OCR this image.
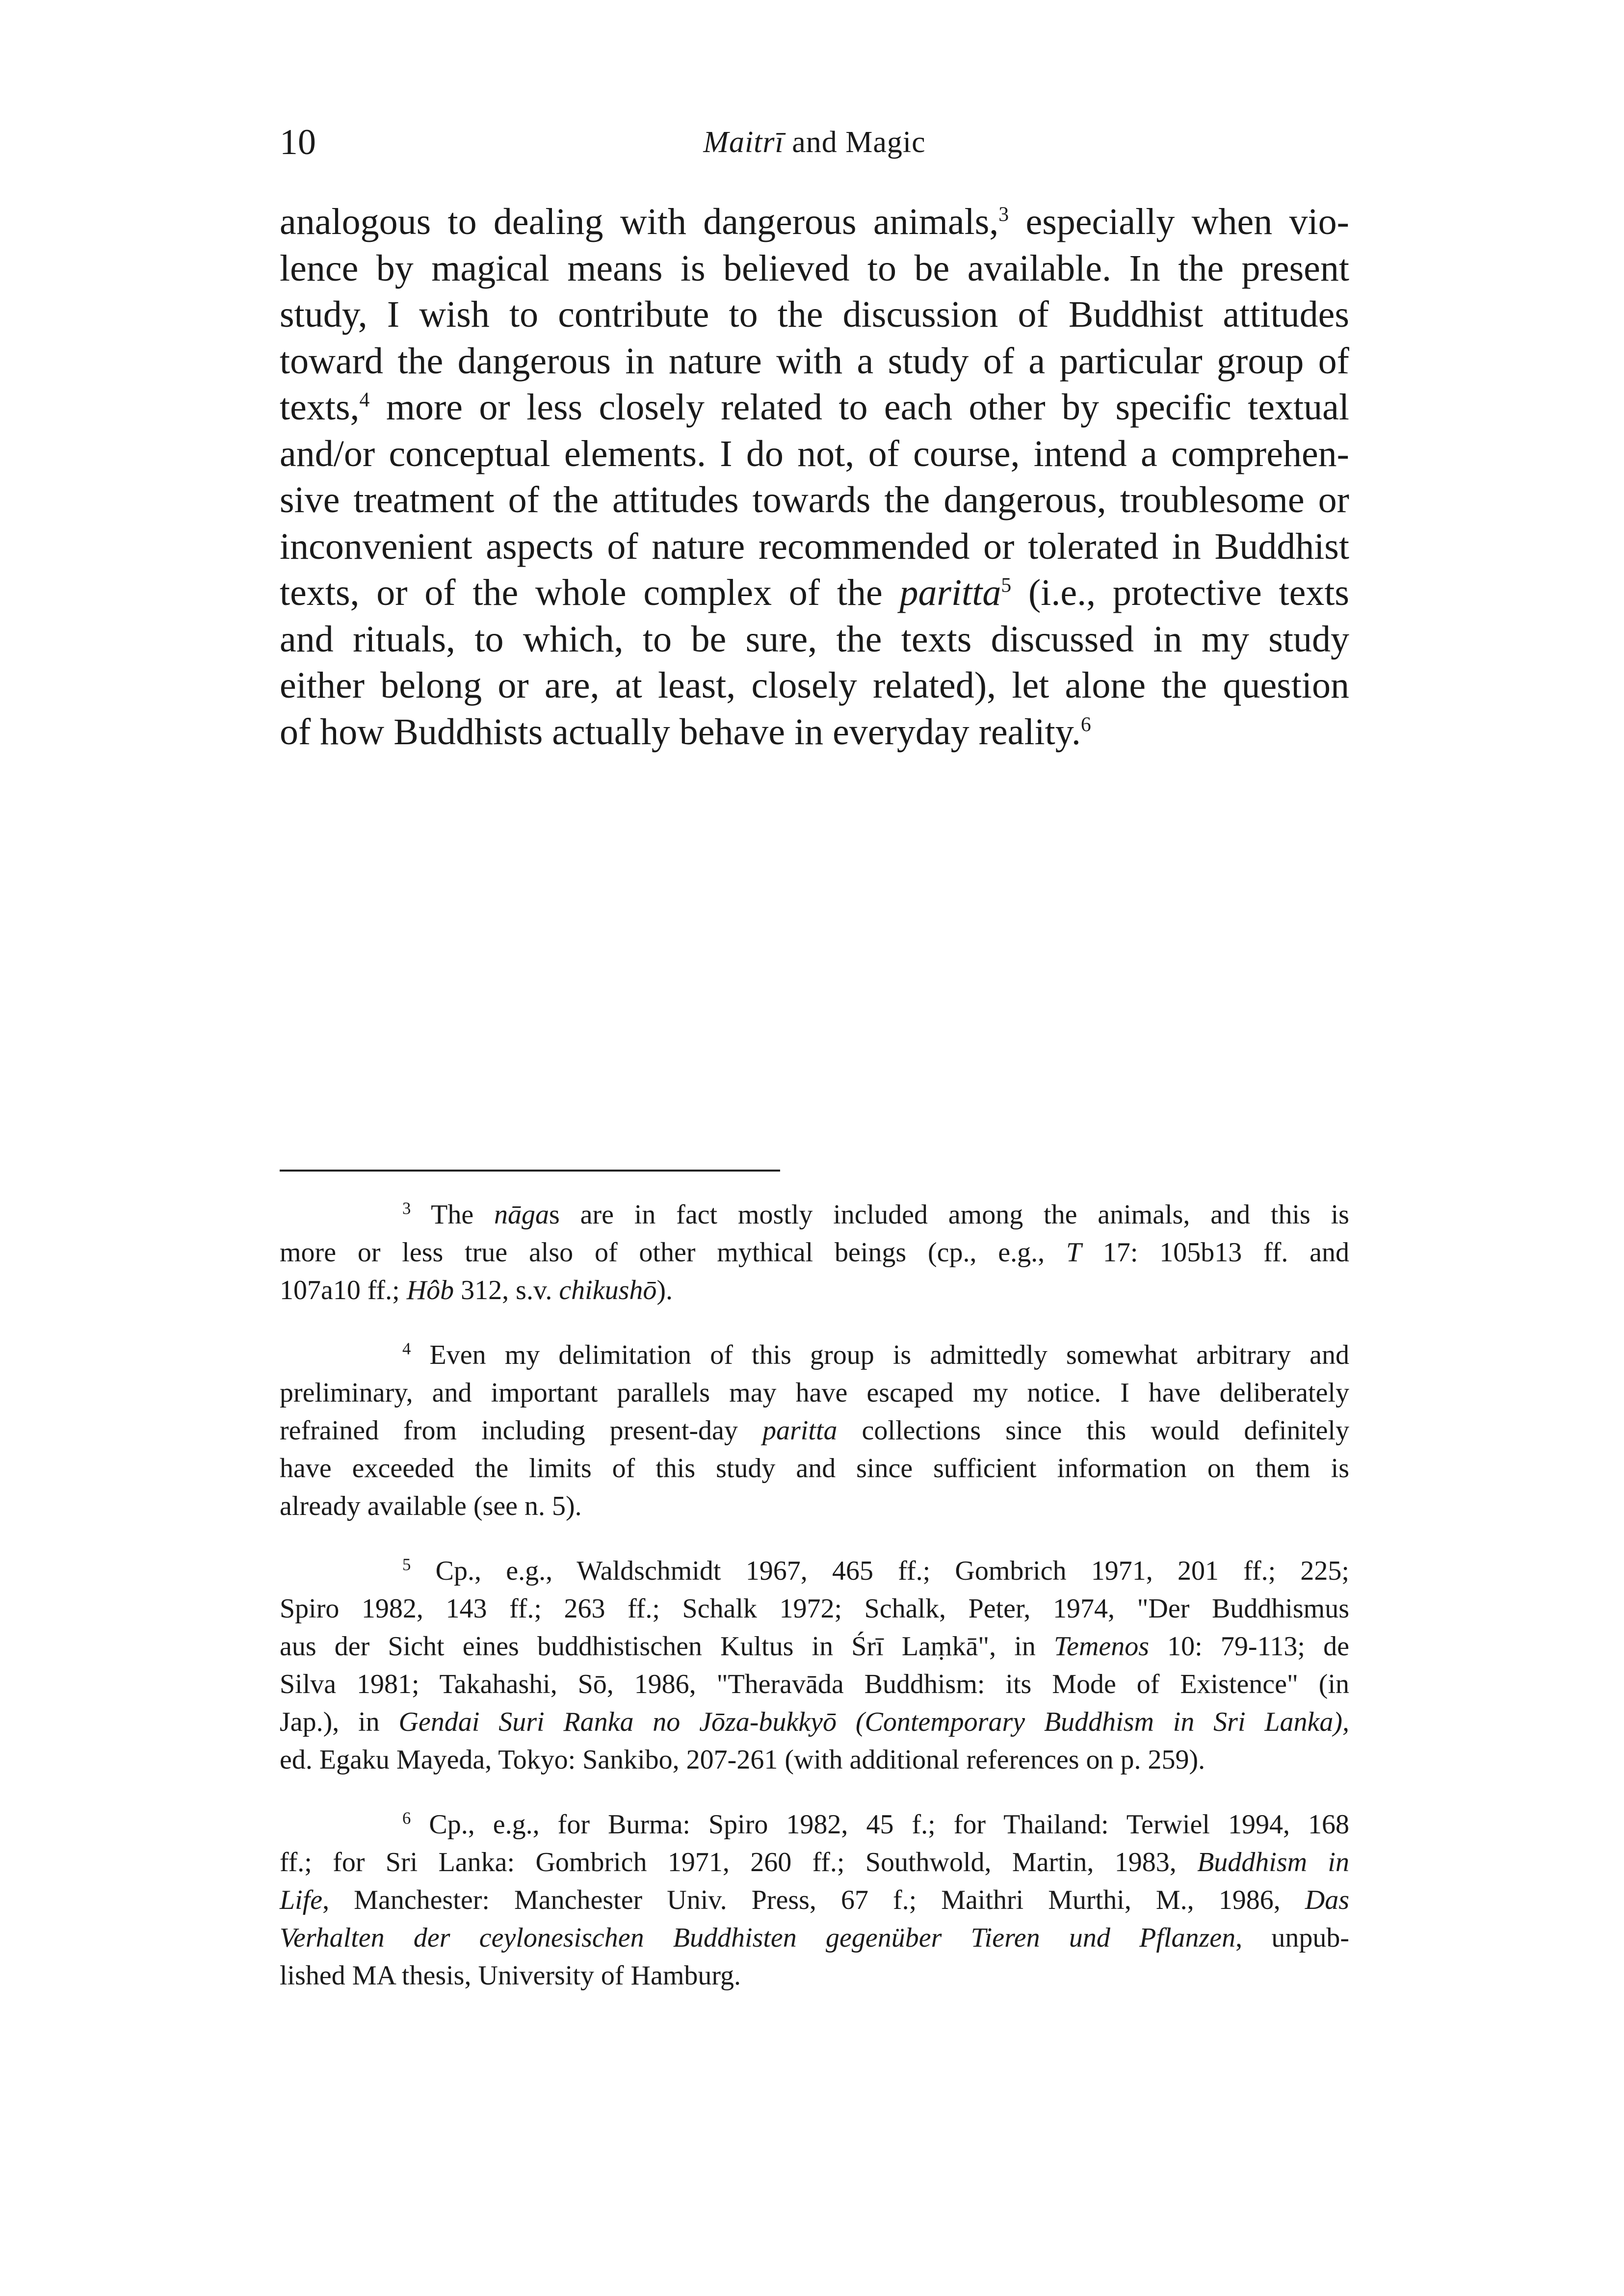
10	Maitrī and Magic
analogous to dealing with dangerous animals,$^3$ especially when vio-
lence by magical means is believed to be available. In the present
study, I wish to contribute to the discussion of Buddhist attitudes
toward the dangerous in nature with a study of a particular group of
texts,$^4$ more or less closely related to each other by specific textual
and/or conceptual elements. I do not, of course, intend a comprehen-
sive treatment of the attitudes towards the dangerous, troublesome or
inconvenient aspects of nature recommended or tolerated in Buddhist
texts, or of the whole complex of the paritta$^5$ (i.e., protective texts
and rituals, to which, to be sure, the texts discussed in my study
either belong or are, at least, closely related), let alone the question
of how Buddhists actually behave in everyday reality.$^6$
$^3$ The nāgas are in fact mostly included among the animals, and this is
more or less true also of other mythical beings (cp., e.g., T 17: 105b13 ff. and
107a10 ff.; Hôb 312, s.v. chikushō).
$^4$ Even my delimitation of this group is admittedly somewhat arbitrary and
preliminary, and important parallels may have escaped my notice. I have deliberately
refrained from including present-day paritta collections since this would definitely
have exceeded the limits of this study and since sufficient information on them is
already available (see n. 5).
$^5$ Cp., e.g., Waldschmidt 1967, 465 ff.; Gombrich 1971, 201 ff.; 225;
Spiro 1982, 143 ff.; 263 ff.; Schalk 1972; Schalk, Peter, 1974, "Der Buddhismus
aus der Sicht eines buddhistischen Kultus in Śrī Laṃkā", in Temenos 10: 79-113; de
Silva 1981; Takahashi, Sō, 1986, "Theravāda Buddhism: its Mode of Existence" (in
Jap.), in Gendai Suri Ranka no Jōza-bukkyō (Contemporary Buddhism in Sri Lanka),
ed. Egaku Mayeda, Tokyo: Sankibo, 207-261 (with additional references on p. 259).
$^6$ Cp., e.g., for Burma: Spiro 1982, 45 f.; for Thailand: Terwiel 1994, 168
ff.; for Sri Lanka: Gombrich 1971, 260 ff.; Southwold, Martin, 1983, Buddhism in
Life, Manchester: Manchester Univ. Press, 67 f.; Maithri Murthi, M., 1986, Das
Verhalten der ceylonesischen Buddhisten gegenüber Tieren und Pflanzen, unpub-
lished MA thesis, University of Hamburg.
